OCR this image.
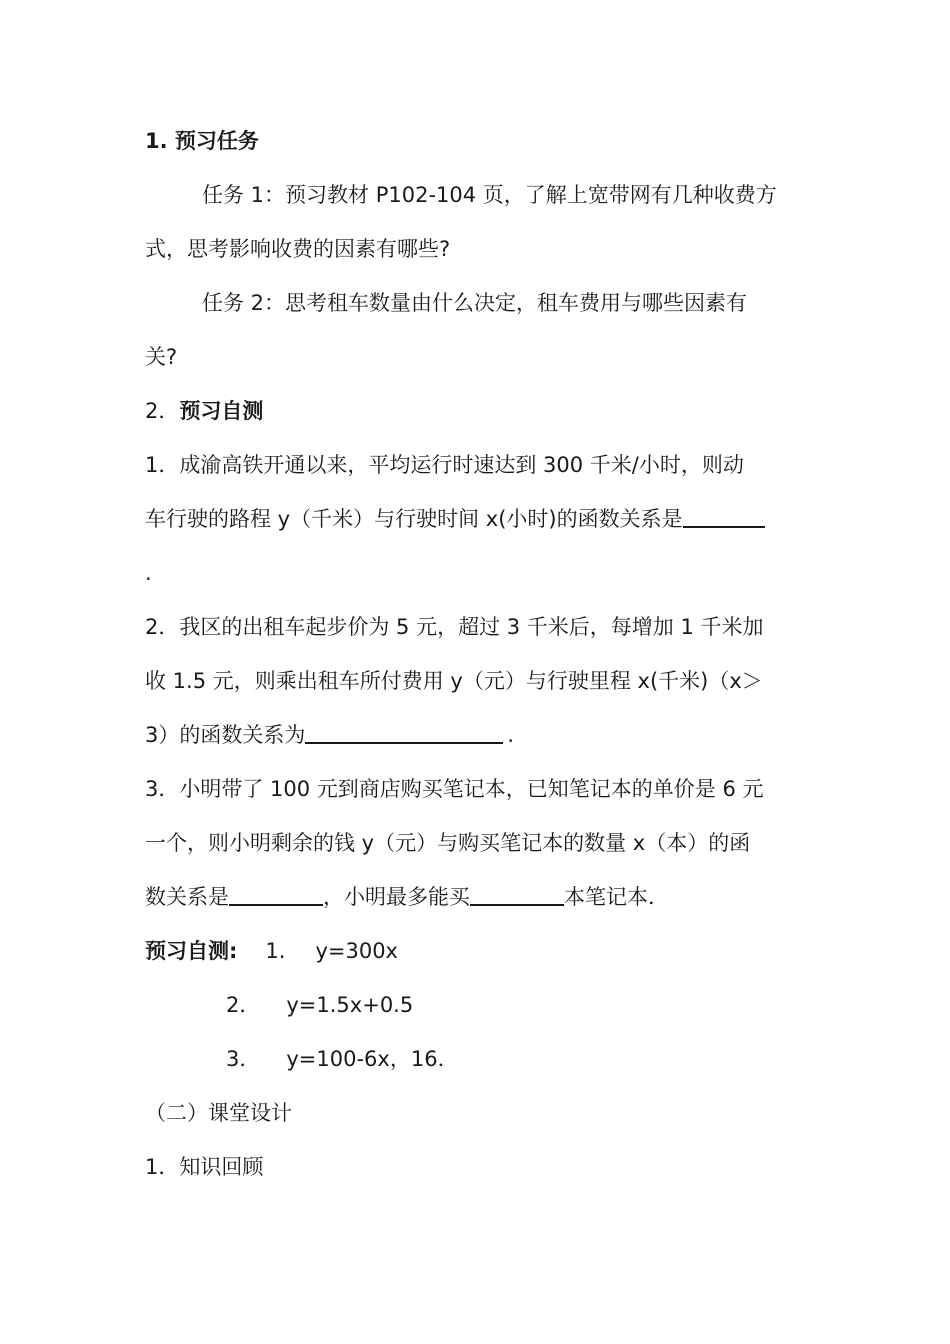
1. 预习任务

任务 1：预习教材 P102-104 页，了解上宽带网有几种收费方

式，思考影响收费的因素有哪些?

任务 2：思考租车数量由什么决定，租车费用与哪些因素有

关?

2．预习自测

1．成渝高铁开通以来，平均运行时速达到 300 千米/小时，则动

车行驶的路程 y（千米）与行驶时间 x(小时)的函数关系是

.

2．我区的出租车起步价为 5 元，超过 3 千米后，每增加 1 千米加

收 1.5 元，则乘出租车所付费用 y（元）与行驶里程 x(千米)（x＞

3）的函数关系为	.

3．小明带了 100 元到商店购买笔记本，已知笔记本的单价是 6 元

一个，则小明剩余的钱 y（元）与购买笔记本的数量 x（本）的函

数关系是	，小明最多能买	本笔记本．

预习自测: 1. y=300x

2． y=1.5x+0.5

3． y=100-6x，16．

（二）课堂设计

1．知识回顾
